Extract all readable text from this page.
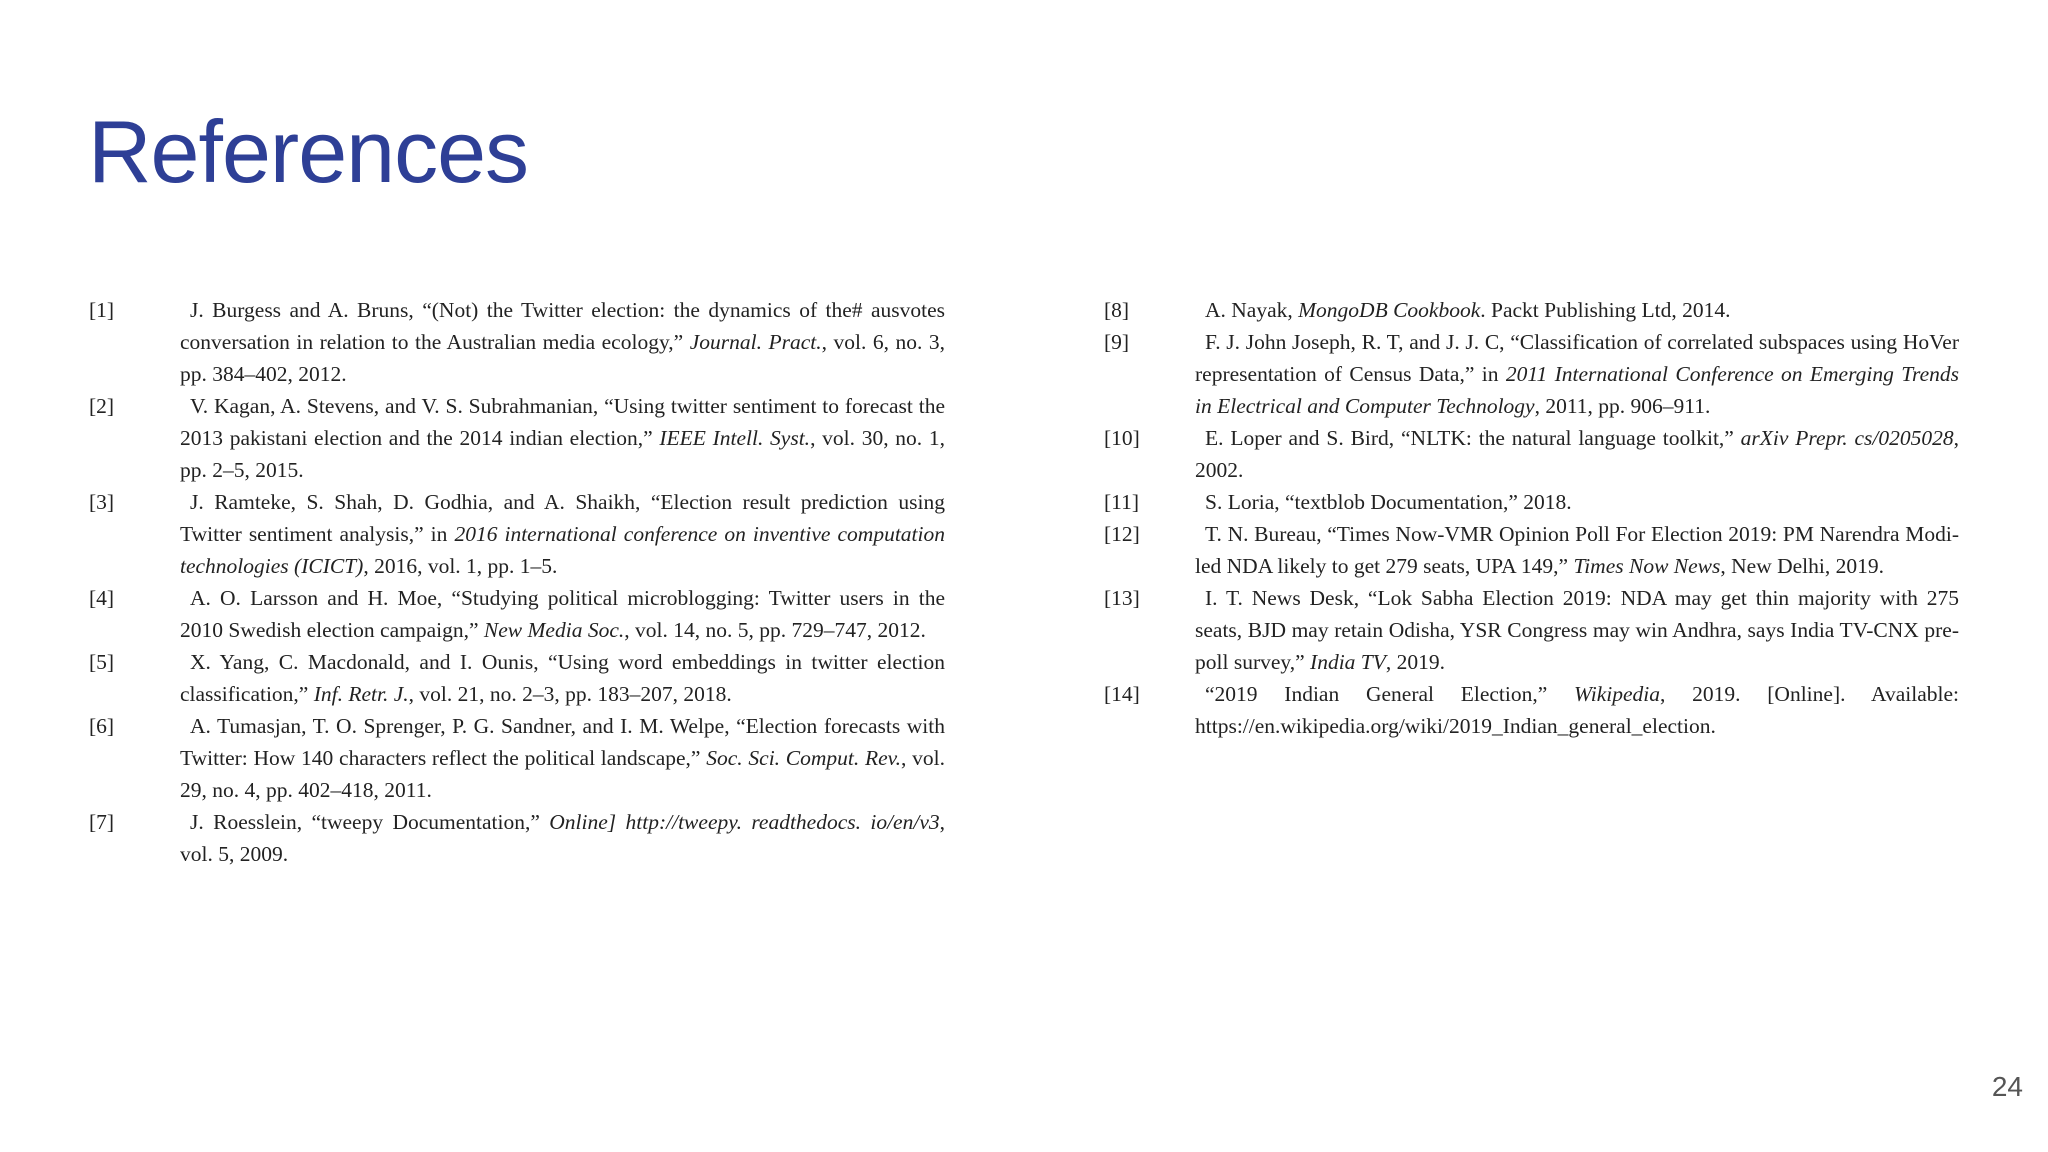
References
[1]	J. Burgess and A. Bruns, “(Not) the Twitter election: the dynamics of the# ausvotes conversation in relation to the Australian media ecology,” Journal. Pract., vol. 6, no. 3, pp. 384–402, 2012.
[2]	V. Kagan, A. Stevens, and V. S. Subrahmanian, “Using twitter sentiment to forecast the 2013 pakistani election and the 2014 indian election,” IEEE Intell. Syst., vol. 30, no. 1, pp. 2–5, 2015.
[3]	J. Ramteke, S. Shah, D. Godhia, and A. Shaikh, “Election result prediction using Twitter sentiment analysis,” in 2016 international conference on inventive computation technologies (ICICT), 2016, vol. 1, pp. 1–5.
[4]	A. O. Larsson and H. Moe, “Studying political microblogging: Twitter users in the 2010 Swedish election campaign,” New Media Soc., vol. 14, no. 5, pp. 729–747, 2012.
[5]	X. Yang, C. Macdonald, and I. Ounis, “Using word embeddings in twitter election classification,” Inf. Retr. J., vol. 21, no. 2–3, pp. 183–207, 2018.
[6]	A. Tumasjan, T. O. Sprenger, P. G. Sandner, and I. M. Welpe, “Election forecasts with Twitter: How 140 characters reflect the political landscape,” Soc. Sci. Comput. Rev., vol. 29, no. 4, pp. 402–418, 2011.
[7]	J. Roesslein, “tweepy Documentation,” Online] http://tweepy. readthedocs. io/en/v3, vol. 5, 2009.
[8]	A. Nayak, MongoDB Cookbook. Packt Publishing Ltd, 2014.
[9]	F. J. John Joseph, R. T, and J. J. C, “Classification of correlated subspaces using HoVer representation of Census Data,” in 2011 International Conference on Emerging Trends in Electrical and Computer Technology, 2011, pp. 906–911.
[10]	E. Loper and S. Bird, “NLTK: the natural language toolkit,” arXiv Prepr. cs/0205028, 2002.
[11]	S. Loria, “textblob Documentation,” 2018.
[12]	T. N. Bureau, “Times Now-VMR Opinion Poll For Election 2019: PM Narendra Modi-led NDA likely to get 279 seats, UPA 149,” Times Now News, New Delhi, 2019.
[13]	I. T. News Desk, “Lok Sabha Election 2019: NDA may get thin majority with 275 seats, BJD may retain Odisha, YSR Congress may win Andhra, says India TV-CNX pre-poll survey,” India TV, 2019.
[14]	“2019 Indian General Election,” Wikipedia, 2019. [Online]. Available: https://en.wikipedia.org/wiki/2019_Indian_general_election.
24
